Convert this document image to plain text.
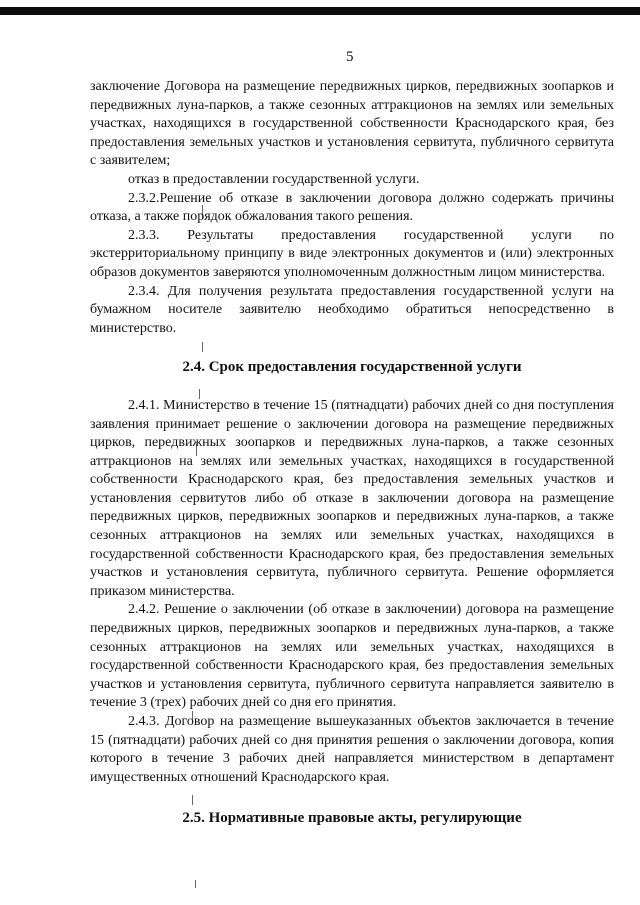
5

заключение Договора на размещение передвижных цирков, передвижных зоопарков и передвижных луна-парков, а также сезонных аттракционов на землях или земельных участках, находящихся в государственной собственности Краснодарского края, без предоставления земельных участков и установления сервитута, публичного сервитута с заявителем;

отказ в предоставлении государственной услуги.

2.3.2.Решение об отказе в заключении договора должно содержать причины отказа, а также порядок обжалования такого решения.

2.3.3. Результаты предоставления государственной услуги по экстерриториальному принципу в виде электронных документов и (или) электронных образов документов заверяются уполномоченным должностным лицом министерства.

2.3.4. Для получения результата предоставления государственной услуги на бумажном носителе заявителю необходимо обратиться непосредственно в министерство.

2.4. Срок предоставления государственной услуги

2.4.1. Министерство в течение 15 (пятнадцати) рабочих дней со дня поступления заявления принимает решение о заключении договора на размещение передвижных цирков, передвижных зоопарков и передвижных луна-парков, а также сезонных аттракционов на землях или земельных участках, находящихся в государственной собственности Краснодарского края, без предоставления земельных участков и установления сервитутов либо об отказе в заключении договора на размещение передвижных цирков, передвижных зоопарков и передвижных луна-парков, а также сезонных аттракционов на землях или земельных участках, находящихся в государственной собственности Краснодарского края, без предоставления земельных участков и установления сервитута, публичного сервитута. Решение оформляется приказом министерства.

2.4.2. Решение о заключении (об отказе в заключении) договора на размещение передвижных цирков, передвижных зоопарков и передвижных луна-парков, а также сезонных аттракционов на землях или земельных участках, находящихся в государственной собственности Краснодарского края, без предоставления земельных участков и установления сервитута, публичного сервитута направляется заявителю в течение 3 (трех) рабочих дней со дня его принятия.

2.4.3. Договор на размещение вышеуказанных объектов заключается в течение 15 (пятнадцати) рабочих дней со дня принятия решения о заключении договора, копия которого в течение 3 рабочих дней направляется министерством в департамент имущественных отношений Краснодарского края.

2.5. Нормативные правовые акты, регулирующие
